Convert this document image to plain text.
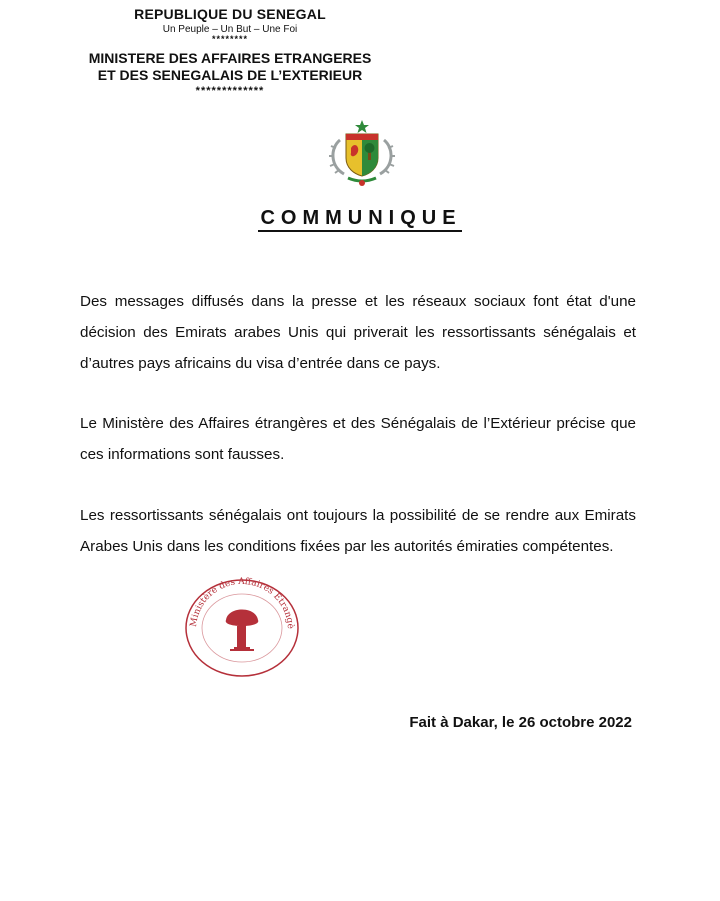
REPUBLIQUE DU SENEGAL
Un Peuple – Un But – Une Foi
********
MINISTERE DES AFFAIRES ETRANGERES
ET DES SENEGALAIS DE L’EXTERIEUR
*************
COMMUNIQUE
Des messages diffusés dans la presse et les réseaux sociaux font état d'une décision des Emirats arabes Unis qui priverait les ressortissants sénégalais et d’autres pays africains du visa d’entrée dans ce pays.
Le Ministère des Affaires étrangères et des Sénégalais de l’Extérieur précise que ces informations sont fausses.
Les ressortissants sénégalais ont toujours la possibilité de se rendre aux Emirats Arabes Unis dans les conditions fixées par les autorités émiraties compétentes.
Ministère des Affaires Etrangè
Fait à Dakar, le 26 octobre 2022
